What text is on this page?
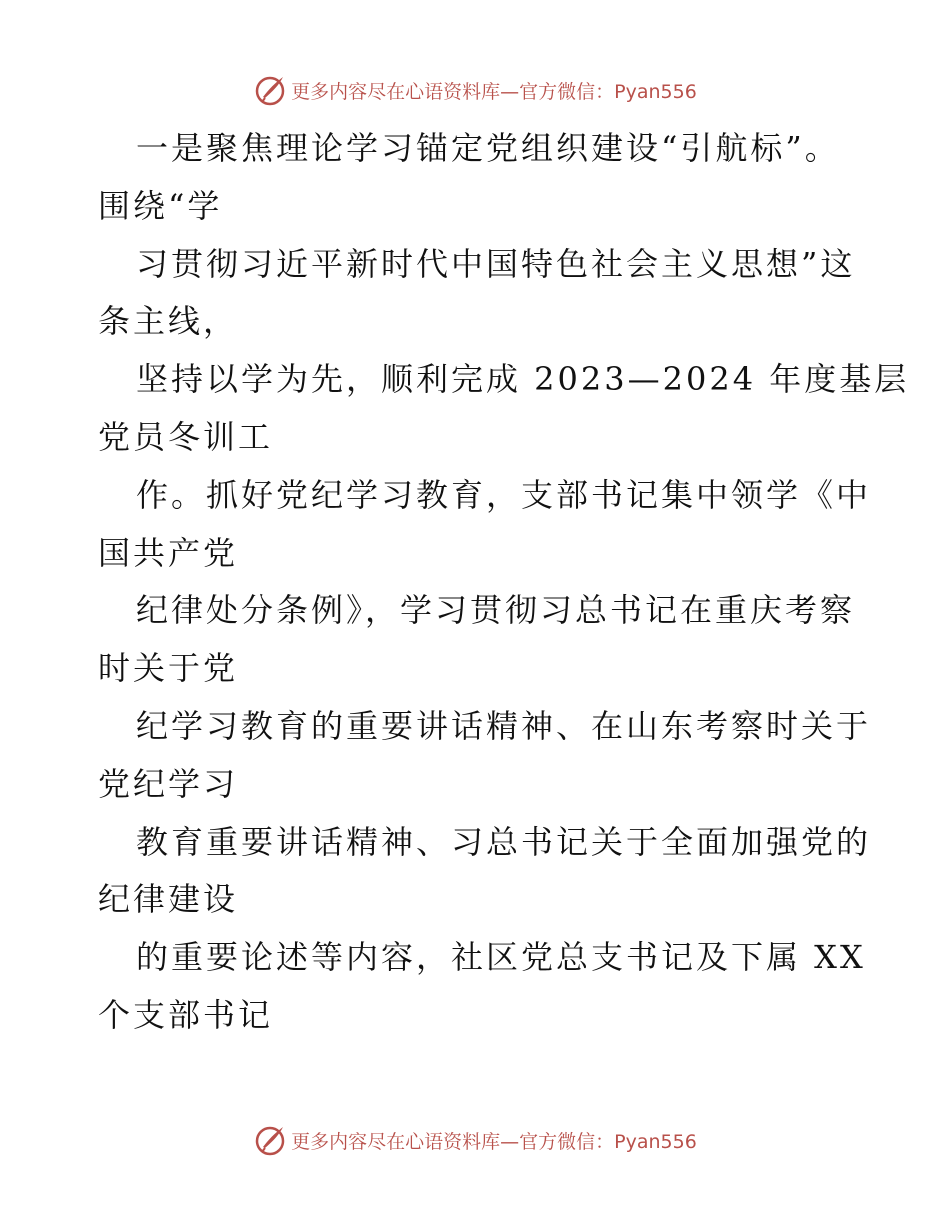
更多内容尽在心语资料库—官方微信：Pyan556
一是聚焦理论学习锚定党组织建设“引航标”。
围绕“学
习贯彻习近平新时代中国特色社会主义思想”这
条主线，
坚持以学为先，顺利完成 2023—2024 年度基层
党员冬训工
作。抓好党纪学习教育，支部书记集中领学《中
国共产党
纪律处分条例》，学习贯彻习总书记在重庆考察
时关于党
纪学习教育的重要讲话精神、在山东考察时关于
党纪学习
教育重要讲话精神、习总书记关于全面加强党的
纪律建设
的重要论述等内容，社区党总支书记及下属 XX
个支部书记
更多内容尽在心语资料库—官方微信：Pyan556
